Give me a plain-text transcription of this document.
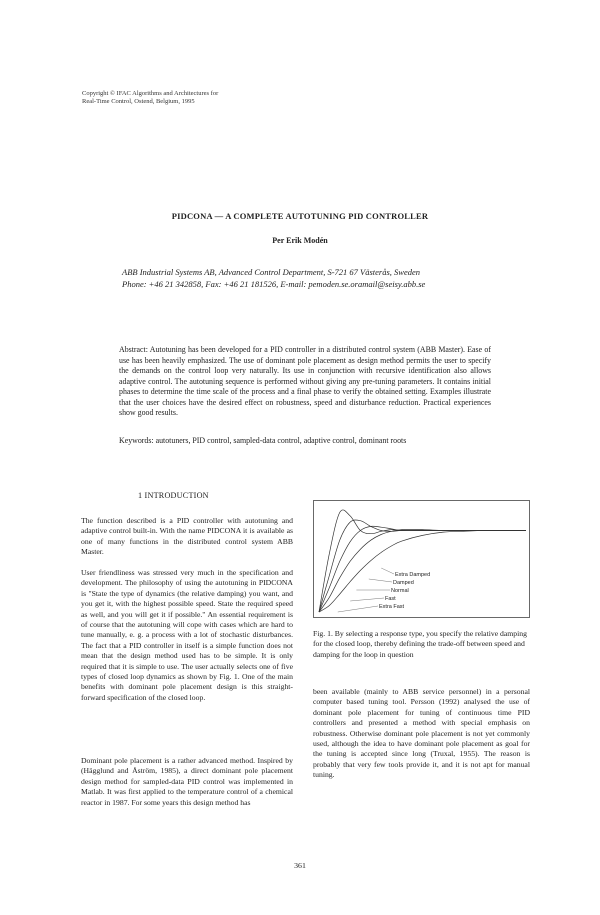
Copyright © IFAC Algorithms and Architectures for
Real-Time Control, Ostend, Belgium, 1995
PIDCONA — A COMPLETE AUTOTUNING PID CONTROLLER
Per Erik Modén
ABB Industrial Systems AB, Advanced Control Department, S-721 67 Västerås, Sweden
Phone: +46 21 342858, Fax: +46 21 181526, E-mail: pemoden.se.oramail@seisy.abb.se
Abstract: Autotuning has been developed for a PID controller in a distributed control system (ABB Master). Ease of use has been heavily emphasized. The use of dominant pole placement as design method permits the user to specify the demands on the control loop very naturally. Its use in conjunction with recursive identification also allows adaptive control. The autotuning sequence is performed without giving any pre-tuning parameters. It contains initial phases to determine the time scale of the process and a final phase to verify the obtained setting. Examples illustrate that the user choices have the desired effect on robustness, speed and disturbance reduction. Practical experiences show good results.
Keywords: autotuners, PID control, sampled-data control, adaptive control, dominant roots
1 INTRODUCTION
The function described is a PID controller with autotuning and adaptive control built-in. With the name PIDCONA it is available as one of many functions in the distributed control system ABB Master.
User friendliness was stressed very much in the specification and development. The philosophy of using the autotuning in PIDCONA is "State the type of dynamics (the relative damping) you want, and you get it, with the highest possible speed. State the required speed as well, and you will get it if possible." An essential requirement is of course that the autotuning will cope with cases which are hard to tune manually, e. g. a process with a lot of stochastic disturbances. The fact that a PID controller in itself is a simple function does not mean that the design method used has to be simple. It is only required that it is simple to use. The user actually selects one of five types of closed loop dynamics as shown by Fig. 1. One of the main benefits with dominant pole placement design is this straight-forward specification of the closed loop.
Dominant pole placement is a rather advanced method. Inspired by (Hägglund and Åström, 1985), a direct dominant pole placement design method for sampled-data PID control was implemented in Matlab. It was first applied to the temperature control of a chemical reactor in 1987. For some years this design method has
Extra Damped
Damped
Normal
Fast
Extra Fast
Fig. 1. By selecting a response type, you specify the relative damping for the closed loop, thereby defining the trade-off between speed and damping for the loop in question
been available (mainly to ABB service personnel) in a personal computer based tuning tool. Persson (1992) analysed the use of dominant pole placement for tuning of continuous time PID controllers and presented a method with special emphasis on robustness. Otherwise dominant pole placement is not yet commonly used, although the idea to have dominant pole placement as goal for the tuning is accepted since long (Truxal, 1955). The reason is probably that very few tools provide it, and it is not apt for manual tuning.
361
